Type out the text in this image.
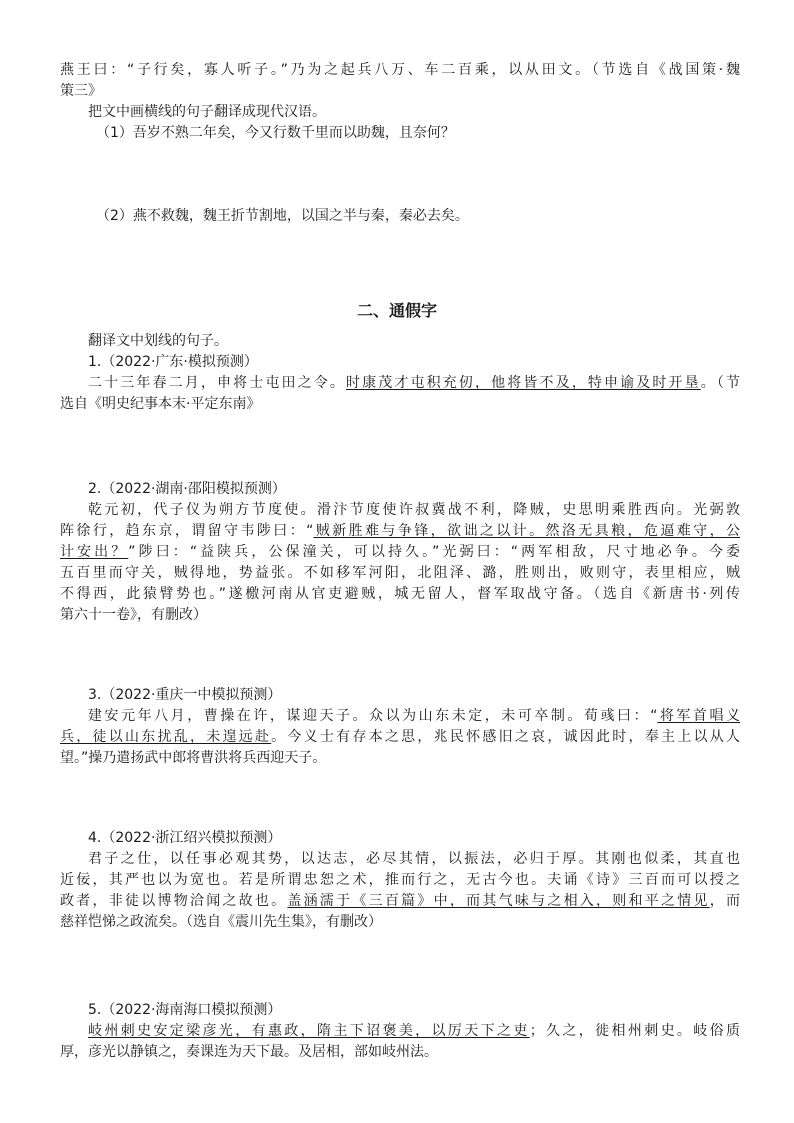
燕王曰：“子行矣，寡人听子。”乃为之起兵八万、车二百乘，以从田文。（节选自《战国策·魏
策三》
把文中画横线的句子翻译成现代汉语。
（1）吾岁不熟二年矣，今又行数千里而以助魏，且奈何？
（2）燕不救魏，魏王折节割地，以国之半与秦，秦必去矣。
二、通假字
翻译文中划线的句子。
1.（2022·广东·模拟预测）
二十三年春二月，申将士屯田之令。时康茂才屯积充仞，他将皆不及，特申谕及时开垦。（节
选自《明史纪事本末·平定东南》
2.（2022·湖南·邵阳模拟预测）
乾元初，代子仪为朔方节度使。滑汴节度使许叔冀战不利，降贼，史思明乘胜西向。光弼敦
阵徐行，趋东京，谓留守韦陟曰：“贼新胜难与争锋，欲诎之以计。然洛无具粮，危逼难守，公
计安出？”陟曰：“益陕兵，公保潼关，可以持久。”光弼曰：“两军相敌，尺寸地必争。今委
五百里而守关，贼得地，势益张。不如移军河阳，北阻泽、潞，胜则出，败则守，表里相应，贼
不得西，此猿臂势也。”遂檄河南从官吏避贼，城无留人，督军取战守备。（选自《新唐书·列传
第六十一卷》，有删改）
3.（2022·重庆一中模拟预测）
建安元年八月，曹操在许，谋迎天子。众以为山东未定，未可卒制。荀彧曰：“将军首唱义
兵，徒以山东扰乱，未遑远赴。今义士有存本之思，兆民怀感旧之哀，诚因此时，奉主上以从人
望。”操乃遣扬武中郎将曹洪将兵西迎天子。
4.（2022·浙江绍兴模拟预测）
君子之仕，以任事必观其势，以达志，必尽其情，以振法，必归于厚。其刚也似柔，其直也
近佞，其严也以为宽也。若是所谓忠恕之术，推而行之，无古今也。夫诵《诗》三百而可以授之
政者，非徒以博物洽闻之故也。盖涵濡于《三百篇》中，而其气味与之相入，则和平之情见，而
慈祥恺悌之政流矣。（选自《震川先生集》，有删改）
5.（2022·海南海口模拟预测）
岐州刺史安定梁彦光，有惠政，隋主下诏褒美，以厉天下之吏；久之，徙相州刺史。岐俗质
厚，彦光以静镇之，奏课连为天下最。及居相，部如岐州法。
